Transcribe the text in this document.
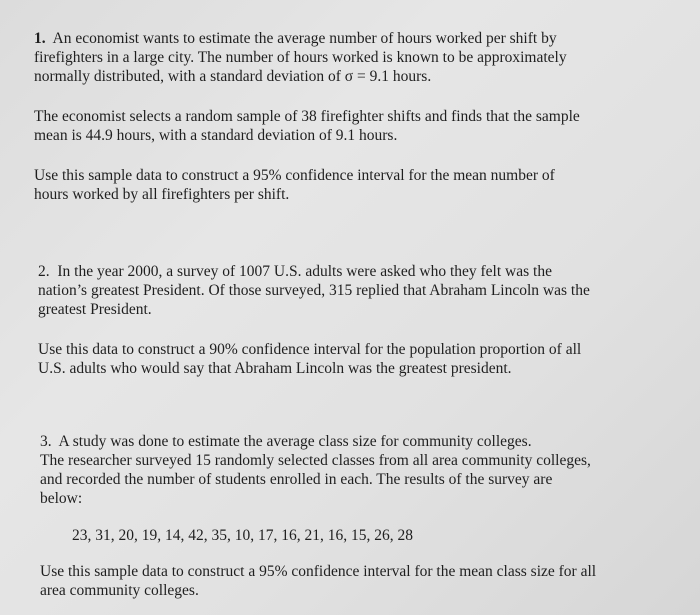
1. An economist wants to estimate the average number of hours worked per shift by
firefighters in a large city. The number of hours worked is known to be approximately
normally distributed, with a standard deviation of σ = 9.1 hours.

The economist selects a random sample of 38 firefighter shifts and finds that the sample
mean is 44.9 hours, with a standard deviation of 9.1 hours.

Use this sample data to construct a 95% confidence interval for the mean number of
hours worked by all firefighters per shift.

2. In the year 2000, a survey of 1007 U.S. adults were asked who they felt was the
nation’s greatest President. Of those surveyed, 315 replied that Abraham Lincoln was the
greatest President.

Use this data to construct a 90% confidence interval for the population proportion of all
U.S. adults who would say that Abraham Lincoln was the greatest president.

3. A study was done to estimate the average class size for community colleges.
The researcher surveyed 15 randomly selected classes from all area community colleges,
and recorded the number of students enrolled in each. The results of the survey are
below:

23, 31, 20, 19, 14, 42, 35, 10, 17, 16, 21, 16, 15, 26, 28

Use this sample data to construct a 95% confidence interval for the mean class size for all
area community colleges.
